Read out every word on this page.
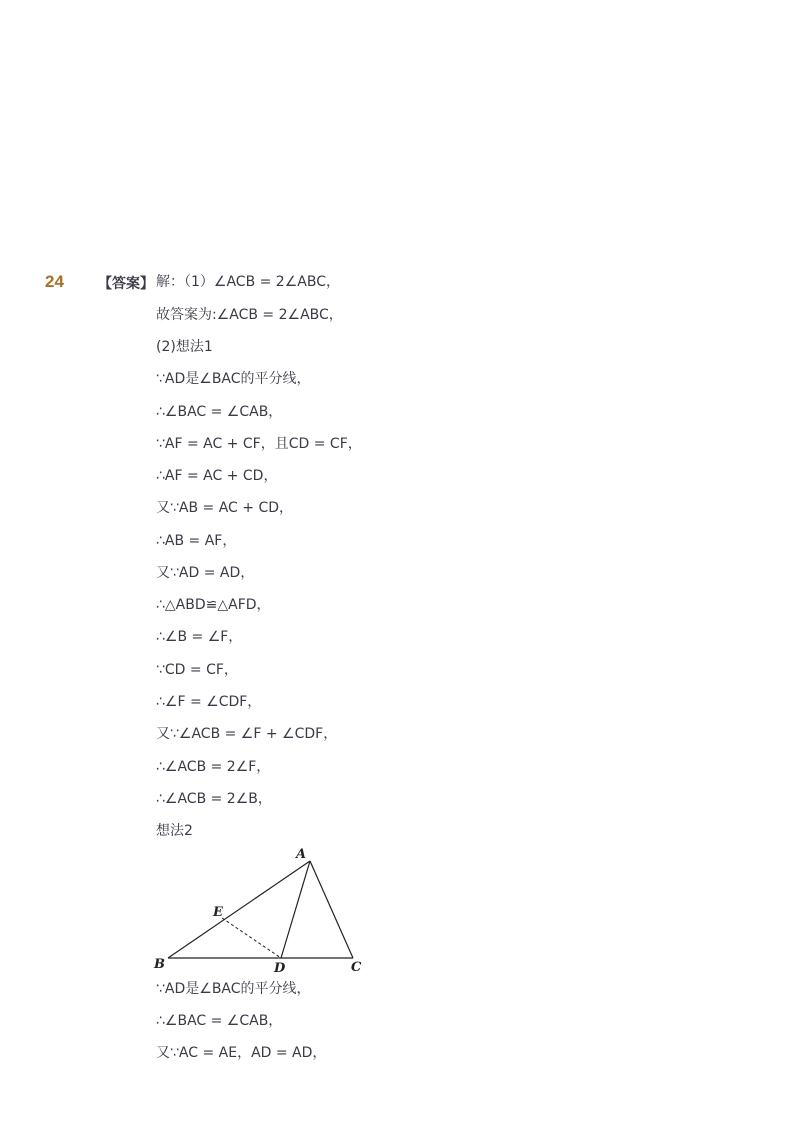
24 【答案】 解：（1）∠ACB = 2∠ABC，
故答案为:∠ACB = 2∠ABC，
(2)想法1
∵AD是∠BAC的平分线，
∴∠BAC = ∠CAB，
∵AF = AC + CF，且CD = CF，
∴AF = AC + CD，
又∵AB = AC + CD，
∴AB = AF，
又∵AD = AD，
∴△ABD≌△AFD，
∴∠B = ∠F，
∵CD = CF，
∴∠F = ∠CDF，
又∵∠ACB = ∠F + ∠CDF，
∴∠ACB = 2∠F，
∴∠ACB = 2∠B，
想法2
A
B	C
D
E
∵AD是∠BAC的平分线，
∴∠BAC = ∠CAB，
又∵AC = AE，AD = AD，
